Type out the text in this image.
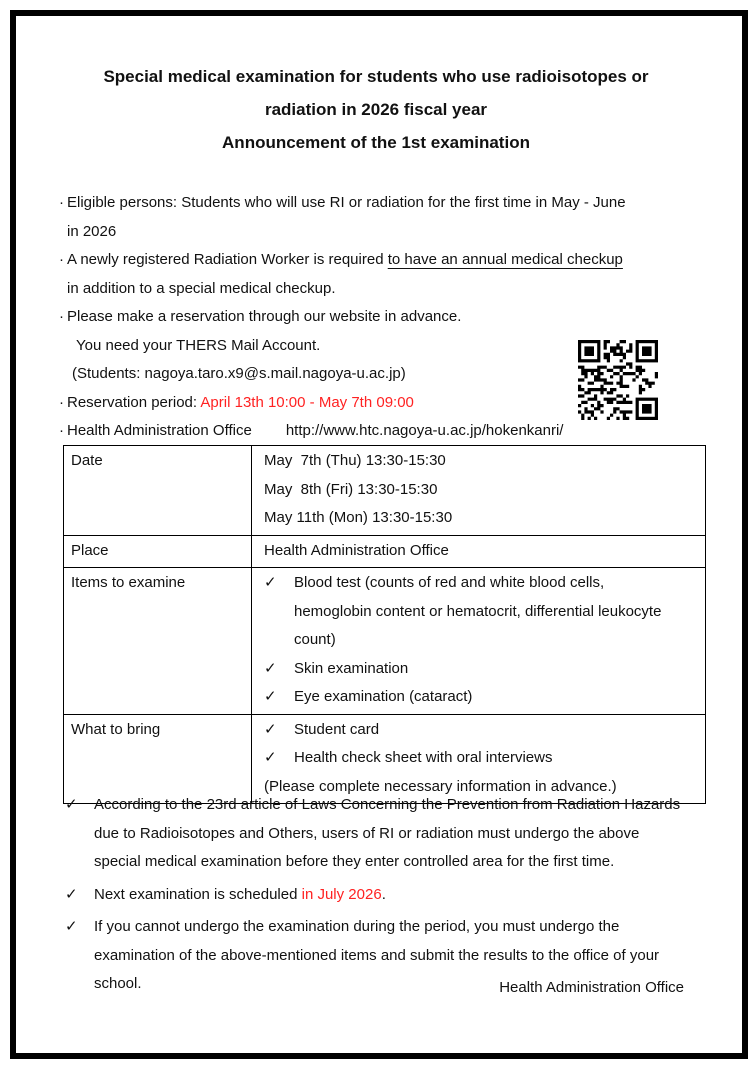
Special medical examination for students who use radioisotopes or
radiation in 2026 fiscal year
Announcement of the 1st examination
· Eligible persons: Students who will use RI or radiation for the first time in May - June in 2026
· A newly registered Radiation Worker is required to have an annual medical checkup in addition to a special medical checkup.
· Please make a reservation through our website in advance.
You need your THERS Mail Account.
(Students: nagoya.taro.x9@s.mail.nagoya-u.ac.jp)
· Reservation period: April 13th 10:00 - May 7th 09:00
· Health Administration Office http://www.htc.nagoya-u.ac.jp/hokenkanri/
Date	May  7th (Thu) 13:30-15:30
May  8th (Fri) 13:30-15:30
May 11th (Mon) 13:30-15:30

Place	Health Administration Office

Items to examine	✓ Blood test (counts of red and white blood cells, hemoglobin content or hematocrit, differential leukocyte count)
✓ Skin examination
✓ Eye examination (cataract)

What to bring	✓ Student card
✓ Health check sheet with oral interviews
(Please complete necessary information in advance.)
✓ According to the 23rd article of Laws Concerning the Prevention from Radiation Hazards due to Radioisotopes and Others, users of RI or radiation must undergo the above special medical examination before they enter controlled area for the first time.
✓ Next examination is scheduled in July 2026.
✓ If you cannot undergo the examination during the period, you must undergo the examination of the above-mentioned items and submit the results to the office of your school.	Health Administration Office
